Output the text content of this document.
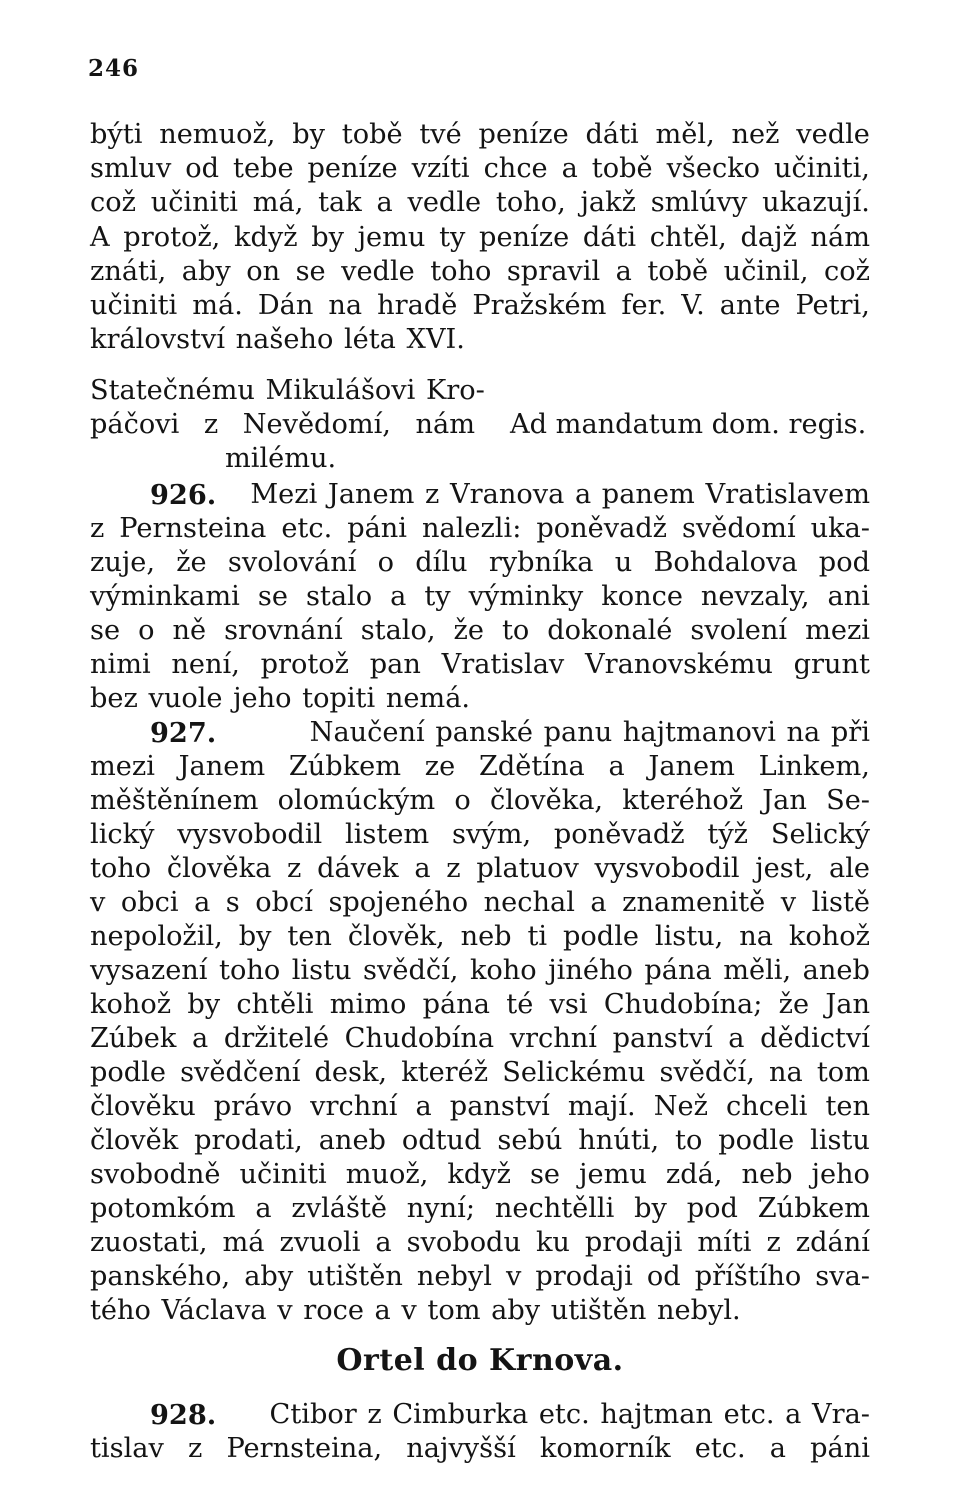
246
býti nemuož, by tobě tvé peníze dáti měl, než vedle
smluv od tebe peníze vzíti chce a tobě všecko učiniti,
což učiniti má, tak a vedle toho, jakž smlúvy ukazují.
A protož, když by jemu ty peníze dáti chtěl, dajž nám
znáti, aby on se vedle toho spravil a tobě učinil, což
učiniti má. Dán na hradě Pražském fer. V. ante Petri,
království našeho léta XVI.
Statečnému Mikulášovi Kro-
páčovi z Nevědomí, nám
milému.
Ad mandatum dom. regis.
926. Mezi Janem z Vranova a panem Vratislavem
z Pernsteina etc. páni nalezli: poněvadž svědomí uka-
zuje, že svolování o dílu rybníka u Bohdalova pod
výminkami se stalo a ty výminky konce nevzaly, ani
se o ně srovnání stalo, že to dokonalé svolení mezi
nimi není, protož pan Vratislav Vranovskému grunt
bez vuole jeho topiti nemá.
927.	Naučení panské panu hajtmanovi na při
mezi Janem Zúbkem ze Zdětína a Janem Linkem,
měštěnínem olomúckým o člověka, kteréhož Jan Se-
lický vysvobodil listem svým, poněvadž týž Selický
toho člověka z dávek a z platuov vysvobodil jest, ale
v obci a s obcí spojeného nechal a znamenitě v listě
nepoložil, by ten člověk, neb ti podle listu, na kohož
vysazení toho listu svědčí, koho jiného pána měli, aneb
kohož by chtěli mimo pána té vsi Chudobína; že Jan
Zúbek a držitelé Chudobína vrchní panství a dědictví
podle svědčení desk, kteréž Selickému svědčí, na tom
člověku právo vrchní a panství mají. Než chceli ten
člověk prodati, aneb odtud sebú hnúti, to podle listu
svobodně učiniti muož, když se jemu zdá, neb jeho
potomkóm a zvláště nyní; nechtělli by pod Zúbkem
zuostati, má zvuoli a svobodu ku prodaji míti z zdání
panského, aby utištěn nebyl v prodaji od příštího sva-
tého Václava v roce a v tom aby utištěn nebyl.
Ortel do Krnova.
928. Ctibor z Cimburka etc. hajtman etc. a Vra-
tislav z Pernsteina, najvyšší komorník etc. a páni
